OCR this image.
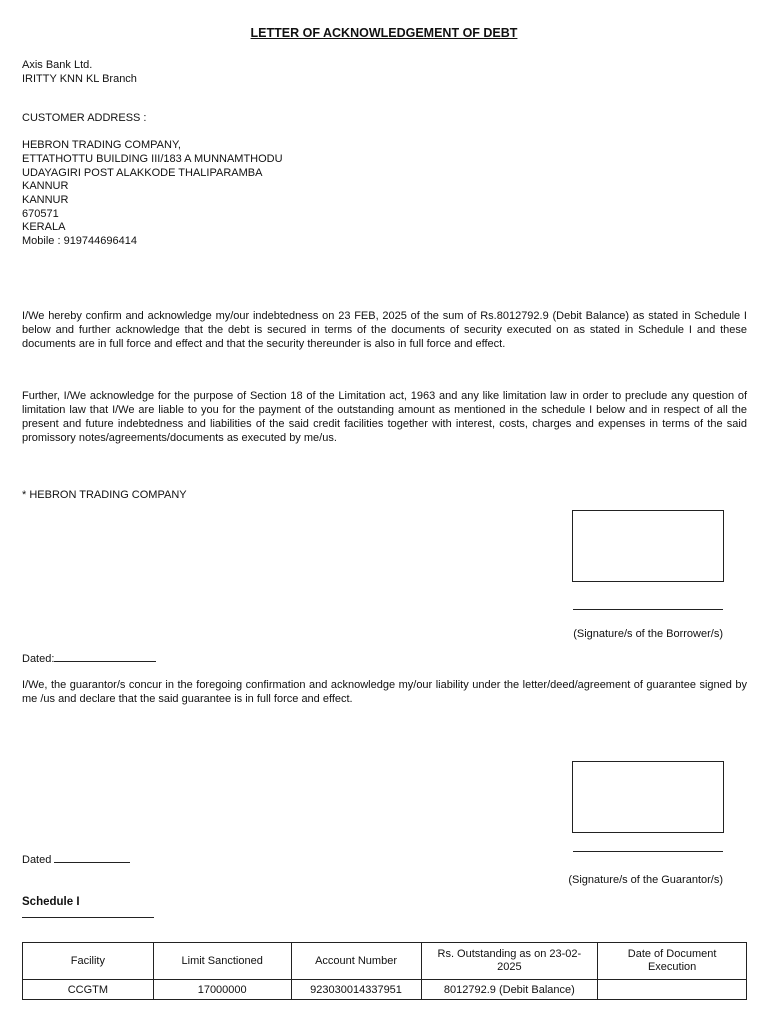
LETTER OF ACKNOWLEDGEMENT OF DEBT
Axis Bank Ltd.
IRITTY KNN KL Branch
CUSTOMER ADDRESS :
HEBRON TRADING COMPANY,
ETTATHOTTU BUILDING III/183 A MUNNAMTHODU
UDAYAGIRI POST ALAKKODE THALIPARAMBA
KANNUR
KANNUR
670571
KERALA
Mobile : 919744696414

I/We hereby confirm and acknowledge my/our indebtedness on 23 FEB, 2025 of the sum of Rs.8012792.9 (Debit Balance) as stated in Schedule I below and further acknowledge that the debt is secured in terms of the documents of security executed on as stated in Schedule I and these documents are in full force and effect and that the security thereunder is also in full force and effect.

Further, I/We acknowledge for the purpose of Section 18 of the Limitation act, 1963 and any like limitation law in order to preclude any question of limitation law that I/We are liable to you for the payment of the outstanding amount as mentioned in the schedule I below and in respect of all the present and future indebtedness and liabilities of the said credit facilities together with interest, costs, charges and expenses in terms of the said promissory notes/agreements/documents as executed by me/us.

* HEBRON TRADING COMPANY
(Signature/s of the Borrower/s)
Dated:

I/We, the guarantor/s concur in the foregoing confirmation and acknowledge my/our liability under the letter/deed/agreement of guarantee signed by me /us and declare that the said guarantee is in full force and effect.

Dated
(Signature/s of the Guarantor/s)
Schedule I
Facility	Limit Sanctioned	Account Number	Rs. Outstanding as on 23-02-2025	Date of Document Execution
CCGTM	17000000	923030014337951	8012792.9 (Debit Balance)	
